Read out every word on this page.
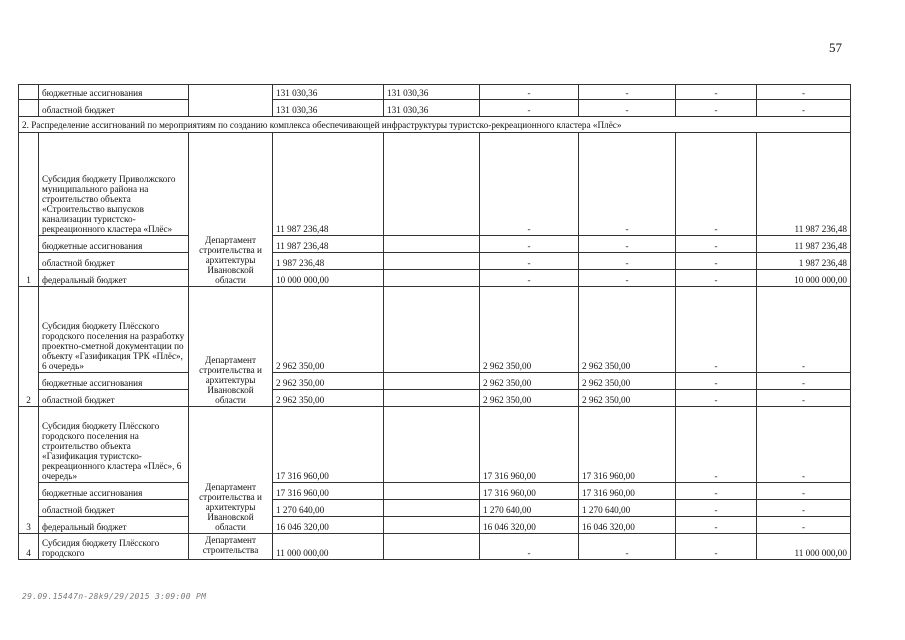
57
	бюджетные ассигнования		131 030,36	131 030,36	-	-	-	-
	областной бюджет		131 030,36	131 030,36	-	-	-	-
2. Распределение ассигнований по мероприятиям по созданию комплекса обеспечивающей инфраструктуры туристско-рекреационного кластера «Плёс»								
1	Субсидия бюджету Приволжского муниципального района на строительство объекта «Строительство выпусков канализации туристско-рекреационного кластера «Плёс»	Департамент строительства и архитектуры Ивановской области	11 987 236,48		-	-	-	11 987 236,48
	бюджетные ассигнования		11 987 236,48		-	-	-	11 987 236,48
	областной бюджет		1 987 236,48		-	-	-	1 987 236,48
	федеральный бюджет		10 000 000,00		-	-	-	10 000 000,00
2	Субсидия бюджету Плёсского городского поселения на разработку проектно-сметной документации по объекту «Газификация ТРК «Плёс», 6 очередь»	Департамент строительства и архитектуры Ивановской области	2 962 350,00		2 962 350,00	2 962 350,00	-	-
	бюджетные ассигнования		2 962 350,00		2 962 350,00	2 962 350,00	-	-
	областной бюджет		2 962 350,00		2 962 350,00	2 962 350,00	-	-
3	Субсидия бюджету Плёсского городского поселения на строительство объекта «Газификация туристско-рекреационного кластера «Плёс», 6 очередь»	Департамент строительства и архитектуры Ивановской области	17 316 960,00		17 316 960,00	17 316 960,00	-	-
	бюджетные ассигнования		17 316 960,00		17 316 960,00	17 316 960,00	-	-
	областной бюджет		1 270 640,00		1 270 640,00	1 270 640,00	-	-
	федеральный бюджет		16 046 320,00		16 046 320,00	16 046 320,00	-	-
4	Субсидия бюджету Плёсского городского	Департамент строительства	11 000 000,00		-	-	-	11 000 000,00
29.09.15447п-28k9/29/2015 3:09:00 PM
